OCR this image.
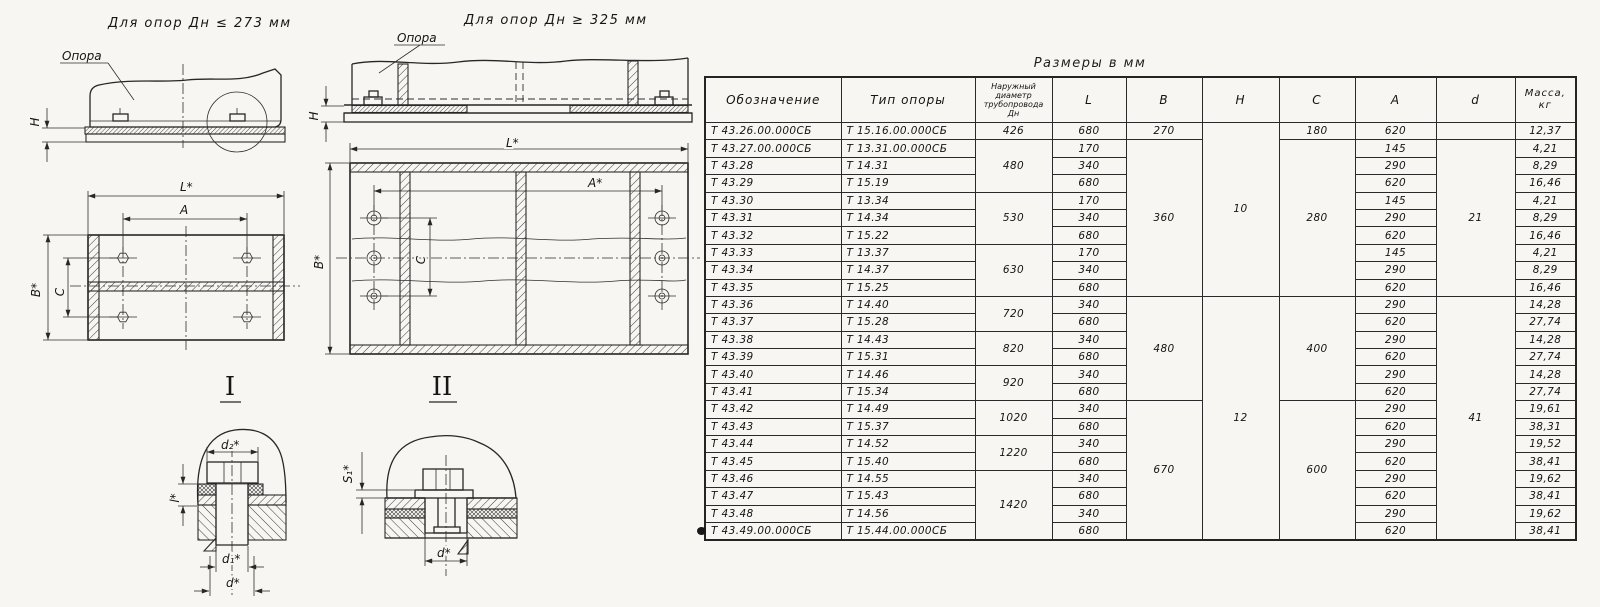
Для опор Дн ≤ 273 мм
Опора
H
Для опор Дн ≥ 325 мм
Опора
H
L*
A
B* C
L*
A*
B*	C
I	II
d₂*
l*
d₁*
d*
S₁*
d*
Размеры в мм
Обозначение	Тип опоры	
Наружный
диаметр
трубопровода
Дн
	L	B	H	C	A	d	Масса,
кг

Т 43.26.00.000СБ	Т 15.16.00.000СБ	426	680	270	10	180	620		12,37
Т 43.27.00.000СБ	Т 13.31.00.000СБ	480	170	360		280	145	21	4,21
Т 43.28	Т 14.31		340				290		8,29
Т 43.29	Т 15.19		680				620		16,46
Т 43.30	Т 13.34	530	170				145		4,21
Т 43.31	Т 14.34		340				290		8,29
Т 43.32	Т 15.22		680				620		16,46
Т 43.33	Т 13.37	630	170				145		4,21
Т 43.34	Т 14.37		340				290		8,29
Т 43.35	Т 15.25		680				620		16,46
Т 43.36	Т 14.40	720	340	480	12	400	290	41	14,28
Т 43.37	Т 15.28		680				620		27,74
Т 43.38	Т 14.43	820	340				290		14,28
Т 43.39	Т 15.31		680				620		27,74
Т 43.40	Т 14.46	920	340				290		14,28
Т 43.41	Т 15.34		680				620		27,74
Т 43.42	Т 14.49	1020	340	670		600	290		19,61
Т 43.43	Т 15.37		680				620		38,31
Т 43.44	Т 14.52	1220	340				290		19,52
Т 43.45	Т 15.40		680				620		38,41
Т 43.46	Т 14.55	1420	340				290		19,62
Т 43.47	Т 15.43		680				620		38,41
Т 43.48	Т 14.56		340				290		19,62
Т 43.49.00.000СБ	Т 15.44.00.000СБ		680				620		38,41
